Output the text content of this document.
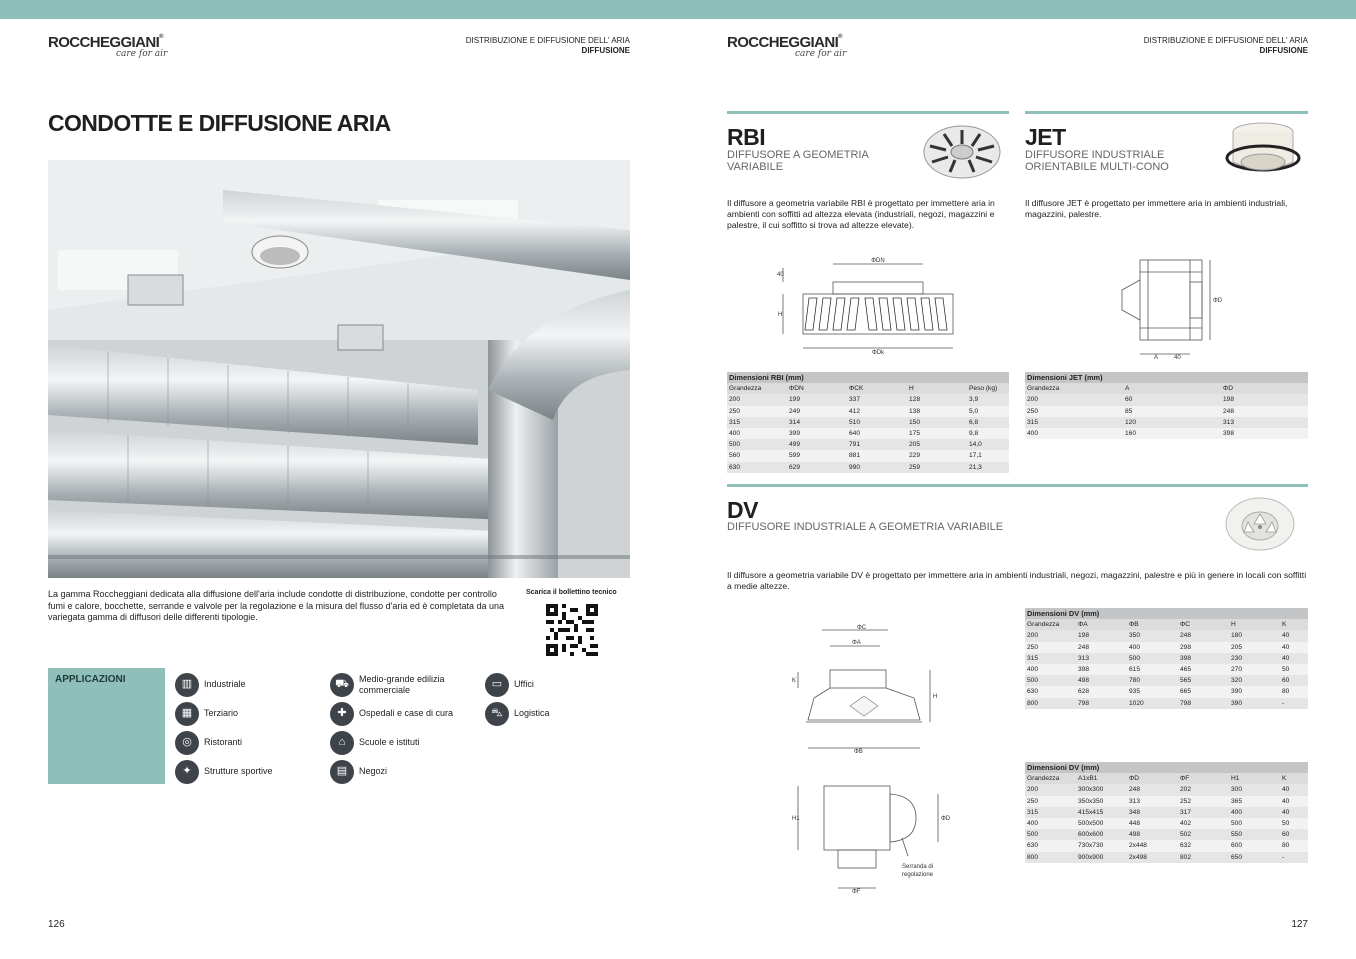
ROCCHEGGIANI®
care for air
DISTRIBUZIONE E DIFFUSIONE DELL' ARIA
DIFFUSIONE
CONDOTTE E DIFFUSIONE ARIA
La gamma Roccheggiani dedicata alla diffusione dell'aria include condotte di distribuzione, condotte per controllo fumi e calore, bocchette, serrande e valvole per la regolazione e la misura del flusso d'aria ed è completata da una variegata gamma di diffusori delle differenti tipologie.
Scarica il bollettino tecnico
APPLICAZIONI	▥	Industriale
▦	Terziario
◎	Ristoranti
✦	Strutture sportive
⛟	Medio-grande edilizia commerciale
✚	Ospedali e case di cura
⌂	Scuole e istituti
▤	Negozi
▭	Uffici
⛍	Logistica
126
ROCCHEGGIANI®
care for air
DISTRIBUZIONE E DIFFUSIONE DELL' ARIA
DIFFUSIONE
RBI
DIFFUSORE A GEOMETRIA
VARIABILE
Il diffusore a geometria variabile RBI è progettato per immettere aria in ambienti con soffitti ad altezza elevata (industriali, negozi, magazzini e palestre, il cui soffitto si trova ad altezze elevate).
ΦDN
ΦDk
H
40
Dimensioni RBI (mm)				
Grandezza	ΦDN	ΦCK	H	Peso (kg)
200	199	337	128	3,9
250	249	412	138	5,0
315	314	510	150	6,8
400	399	640	175	9,8
500	499	791	205	14,0
560	599	881	229	17,1
630	629	990	259	21,3
JET
DIFFUSORE INDUSTRIALE
ORIENTABILE MULTI-CONO
Il diffusore JET è progettato per immettere aria in ambienti industriali, magazzini, palestre.
ΦD
A	40
Dimensioni JET (mm)		
Grandezza	A	ΦD
200	60	198
250	85	248
315	120	313
400	160	398
DV
DIFFUSORE INDUSTRIALE A GEOMETRIA VARIABILE
Il diffusore a geometria variabile DV è progettato per immettere aria in ambienti industriali, negozi, magazzini, palestre e più in genere in locali con soffitti a medie altezze.
ΦC
ΦA
ΦB
H
K
H1	ΦD
ΦF
Serranda di
regolazione
Dimensioni DV (mm)					
Grandezza	ΦA	ΦB	ΦC	H	K
200	198	350	248	180	40
250	248	400	298	205	40
315	313	500	398	230	40
400	398	615	465	270	50
500	498	780	565	320	60
630	628	935	665	390	80
800	798	1020	798	390	-
Dimensioni DV (mm)					
Grandezza	A1xB1	ΦD	ΦF	H1	K
200	300x300	248	202	300	40
250	350x350	313	252	365	40
315	415x415	348	317	400	40
400	500x500	448	402	500	50
500	600x600	498	502	550	60
630	730x730	2x448	632	600	80
800	900x900	2x498	802	650	-
127
